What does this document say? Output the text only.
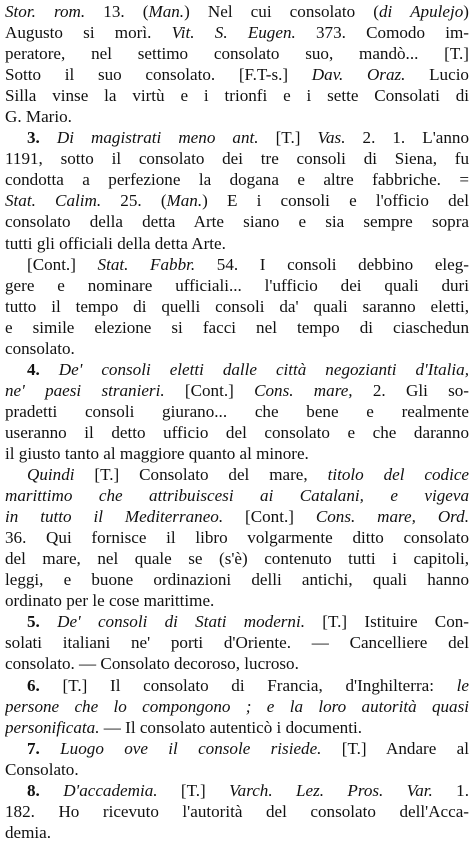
Stor. rom. 13. (Man.) Nel cui consolato (di Apulejo)
Augusto si morì. Vit. S. Eugen. 373. Comodo im-
peratore, nel settimo consolato suo, mandò... [T.]
Sotto il suo consolato. [F.T-s.] Dav. Oraz. Lucio
Silla vinse la virtù e i trionfi e i sette Consolati di
G. Mario.
3. Di magistrati meno ant. [T.] Vas. 2. 1. L'anno
1191, sotto il consolato dei tre consoli di Siena, fu
condotta a perfezione la dogana e altre fabbriche. =
Stat. Calim. 25. (Man.) E i consoli e l'officio del
consolato della detta Arte siano e sia sempre sopra
tutti gli officiali della detta Arte.
[Cont.] Stat. Fabbr. 54. I consoli debbino eleg-
gere e nominare ufficiali... l'ufficio dei quali duri
tutto il tempo di quelli consoli da' quali saranno eletti,
e simile elezione si facci nel tempo di ciaschedun
consolato.
4. De' consoli eletti dalle città negozianti d'Italia,
ne' paesi stranieri. [Cont.] Cons. mare, 2. Gli so-
pradetti consoli giurano... che bene e realmente
useranno il detto ufficio del consolato e che daranno
il giusto tanto al maggiore quanto al minore.
Quindi [T.] Consolato del mare, titolo del codice
marittimo che attribuiscesi ai Catalani, e vigeva
in tutto il Mediterraneo. [Cont.] Cons. mare, Ord.
36. Qui fornisce il libro volgarmente ditto consolato
del mare, nel quale se (s'è) contenuto tutti i capitoli,
leggi, e buone ordinazioni delli antichi, quali hanno
ordinato per le cose marittime.
5. De' consoli di Stati moderni. [T.] Istituire Con-
solati italiani ne' porti d'Oriente. — Cancelliere del
consolato. — Consolato decoroso, lucroso.
6. [T.] Il consolato di Francia, d'Inghilterra: le
persone che lo compongono ; e la loro autorità quasi
personificata. — Il consolato autenticò i documenti.
7. Luogo ove il console risiede. [T.] Andare al
Consolato.
8. D'accademia. [T.] Varch. Lez. Pros. Var. 1.
182. Ho ricevuto l'autorità del consolato dell'Acca-
demia.
